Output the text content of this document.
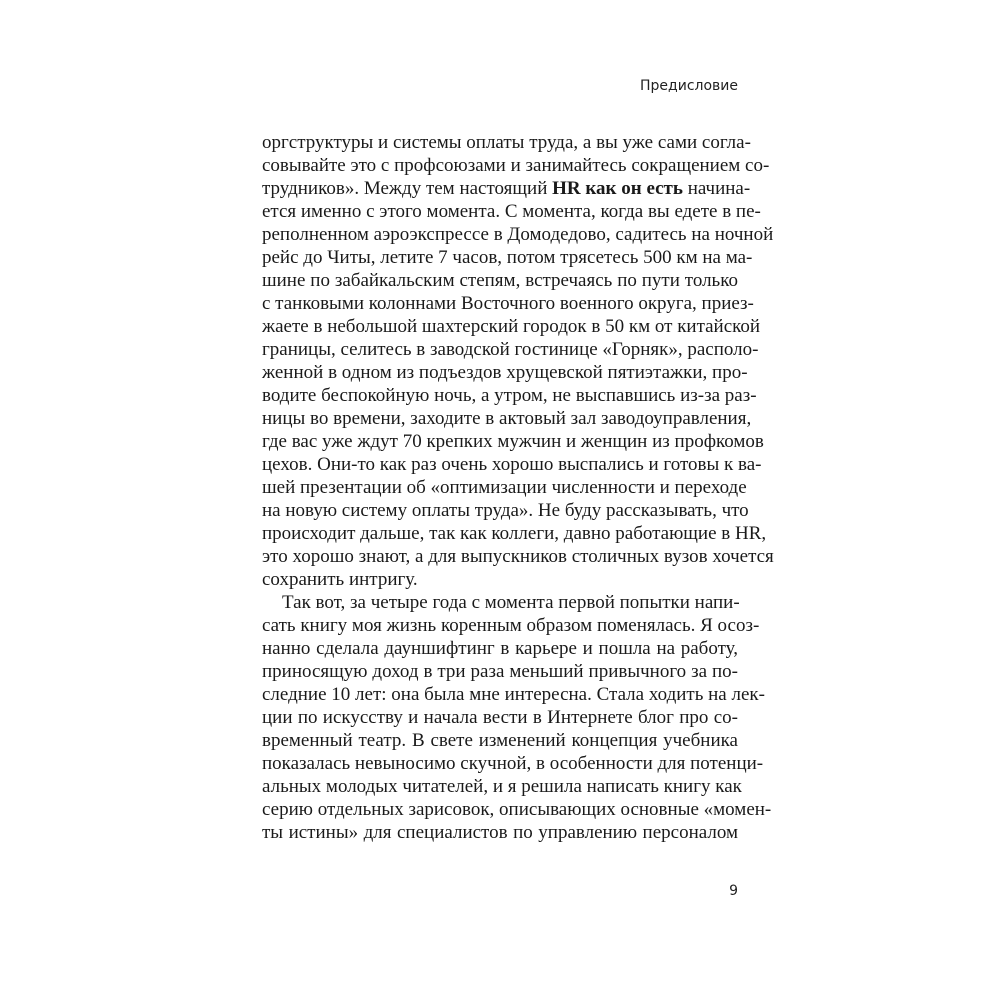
Предисловие
оргструктуры и системы оплаты труда, а вы уже сами согла-
совывайте это с профсоюзами и занимайтесь сокращением со-
трудников». Между тем настоящий HR как он есть начина-
ется именно с этого момента. С момента, когда вы едете в пе-
реполненном аэроэкспрессе в Домодедово, садитесь на ночной
рейс до Читы, летите 7 часов, потом трясетесь 500 км на ма-
шине по забайкальским степям, встречаясь по пути только
с танковыми колоннами Восточного военного округа, приез-
жаете в небольшой шахтерский городок в 50 км от китайской
границы, селитесь в заводской гостинице «Горняк», располо-
женной в одном из подъездов хрущевской пятиэтажки, про-
водите беспокойную ночь, а утром, не выспавшись из-за раз-
ницы во времени, заходите в актовый зал заводоуправления,
где вас уже ждут 70 крепких мужчин и женщин из профкомов
цехов. Они-то как раз очень хорошо выспались и готовы к ва-
шей презентации об «оптимизации численности и переходе
на новую систему оплаты труда». Не буду рассказывать, что
происходит дальше, так как коллеги, давно работающие в HR,
это хорошо знают, а для выпускников столичных вузов хочется
сохранить интригу.
Так вот, за четыре года с момента первой попытки напи-
сать книгу моя жизнь коренным образом поменялась. Я осоз-
нанно сделала дауншифтинг в карьере и пошла на работу,
приносящую доход в три раза меньший привычного за по-
следние 10 лет: она была мне интересна. Стала ходить на лек-
ции по искусству и начала вести в Интернете блог про со-
временный театр. В свете изменений концепция учебника
показалась невыносимо скучной, в особенности для потенци-
альных молодых читателей, и я решила написать книгу как
серию отдельных зарисовок, описывающих основные «момен-
ты истины» для специалистов по управлению персоналом
9
